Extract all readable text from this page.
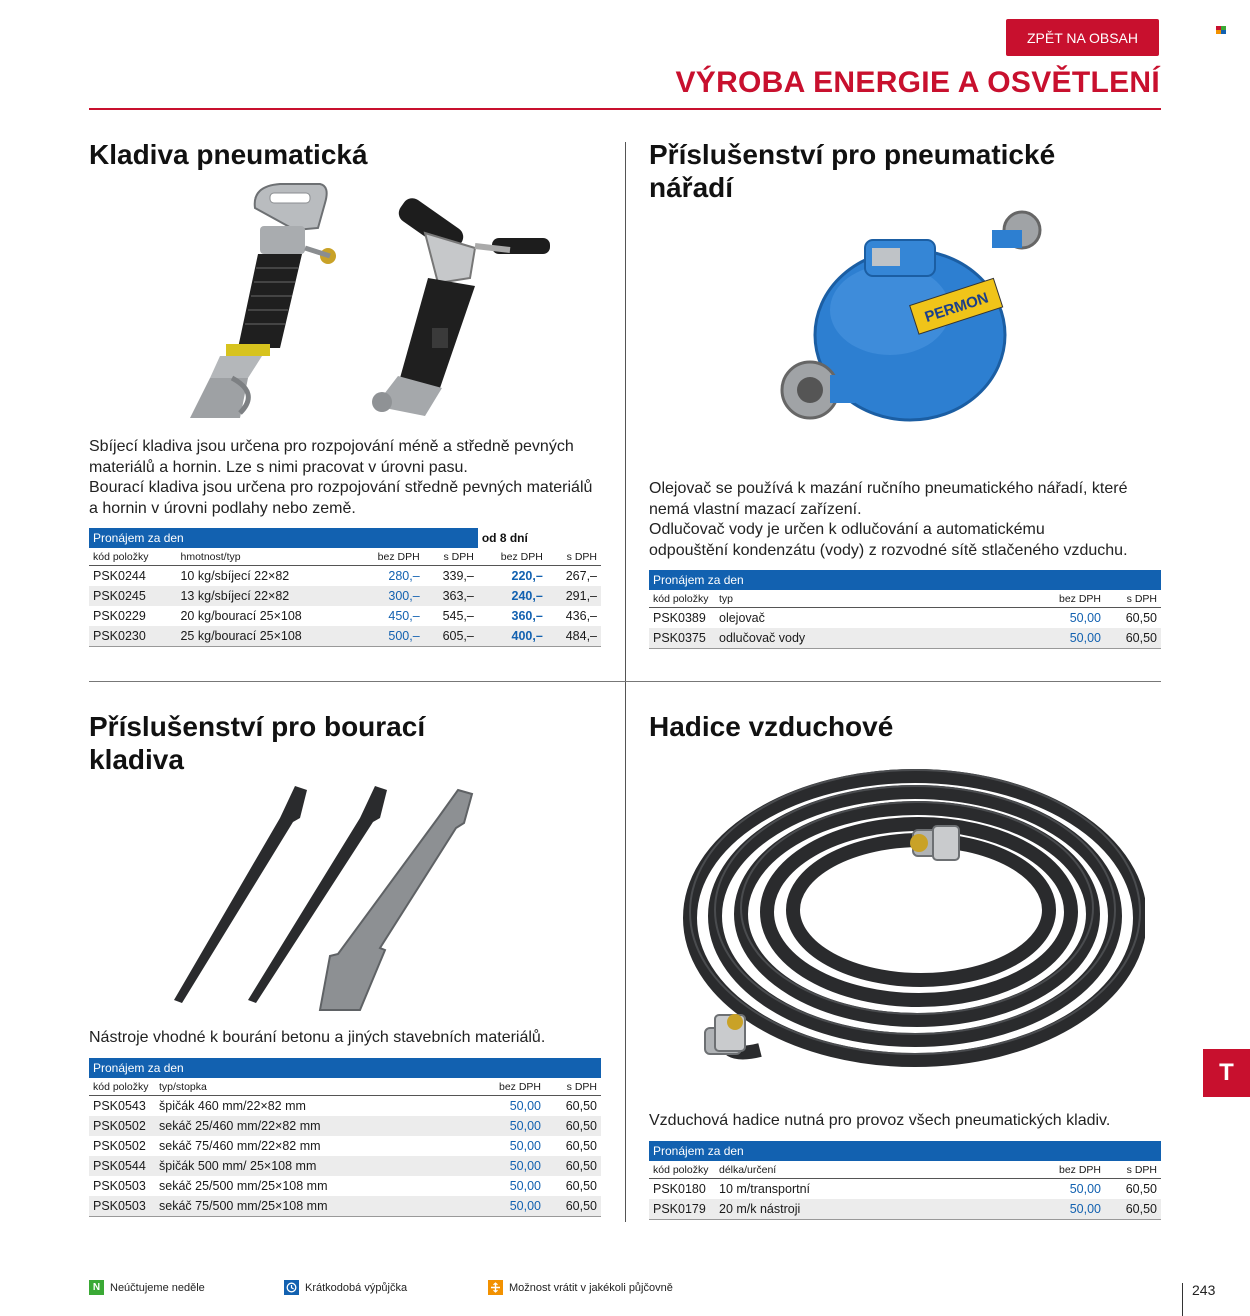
ZPĚT NA OBSAH
VÝROBA ENERGIE A OSVĚTLENÍ
Kladiva pneumatická

Sbíjecí kladiva jsou určena pro rozpojování méně a středně pevných

materiálů a hornin. Lze s nimi pracovat v úrovni pasu.

Bourací kladiva jsou určena pro rozpojování středně pevných materiálů

a hornin v úrovni podlahy nebo země.

Pronájem za den				od 8 dní	
kód položky	hmotnost/typ	bez DPH	s DPH	bez DPH	s DPH
PSK0244	10 kg/sbíjecí 22×82	280,–	339,–	220,–	267,–
PSK0245	13 kg/sbíjecí 22×82	300,–	363,–	240,–	291,–
PSK0229	20 kg/bourací 25×108	450,–	545,–	360,–	436,–
PSK0230	25 kg/bourací 25×108	500,–	605,–	400,–	484,–
Příslušenství pro pneumatické
nářadí
PERMON

Olejovač se používá k mazání ručního pneumatického nářadí, které

nemá vlastní mazací zařízení.

Odlučovač vody je určen k odlučování a automatickému

odpouštění kondenzátu (vody) z rozvodné sítě stlačeného vzduchu.

Pronájem za den			
kód položky	typ	bez DPH	s DPH
PSK0389	olejovač	50,00	60,50
PSK0375	odlučovač vody	50,00	60,50
Příslušenství pro bourací
kladiva

Nástroje vhodné k bourání betonu a jiných stavebních materiálů.

Pronájem za den			
kód položky	typ/stopka	bez DPH	s DPH
PSK0543	špičák 460 mm/22×82 mm	50,00	60,50
PSK0502	sekáč 25/460 mm/22×82 mm	50,00	60,50
PSK0502	sekáč 75/460 mm/22×82 mm	50,00	60,50
PSK0544	špičák 500 mm/ 25×108 mm	50,00	60,50
PSK0503	sekáč 25/500 mm/25×108 mm	50,00	60,50
PSK0503	sekáč 75/500 mm/25×108 mm	50,00	60,50
Hadice vzduchové

Vzduchová hadice nutná pro provoz všech pneumatických kladiv.

Pronájem za den			
kód položky	délka/určení	bez DPH	s DPH
PSK0180	10 m/transportní	50,00	60,50
PSK0179	20 m/k nástroji	50,00	60,50
T
N Neúčtujeme neděle	Krátkodobá výpůjčka	Možnost vrátit v jakékoli půjčovně	243
